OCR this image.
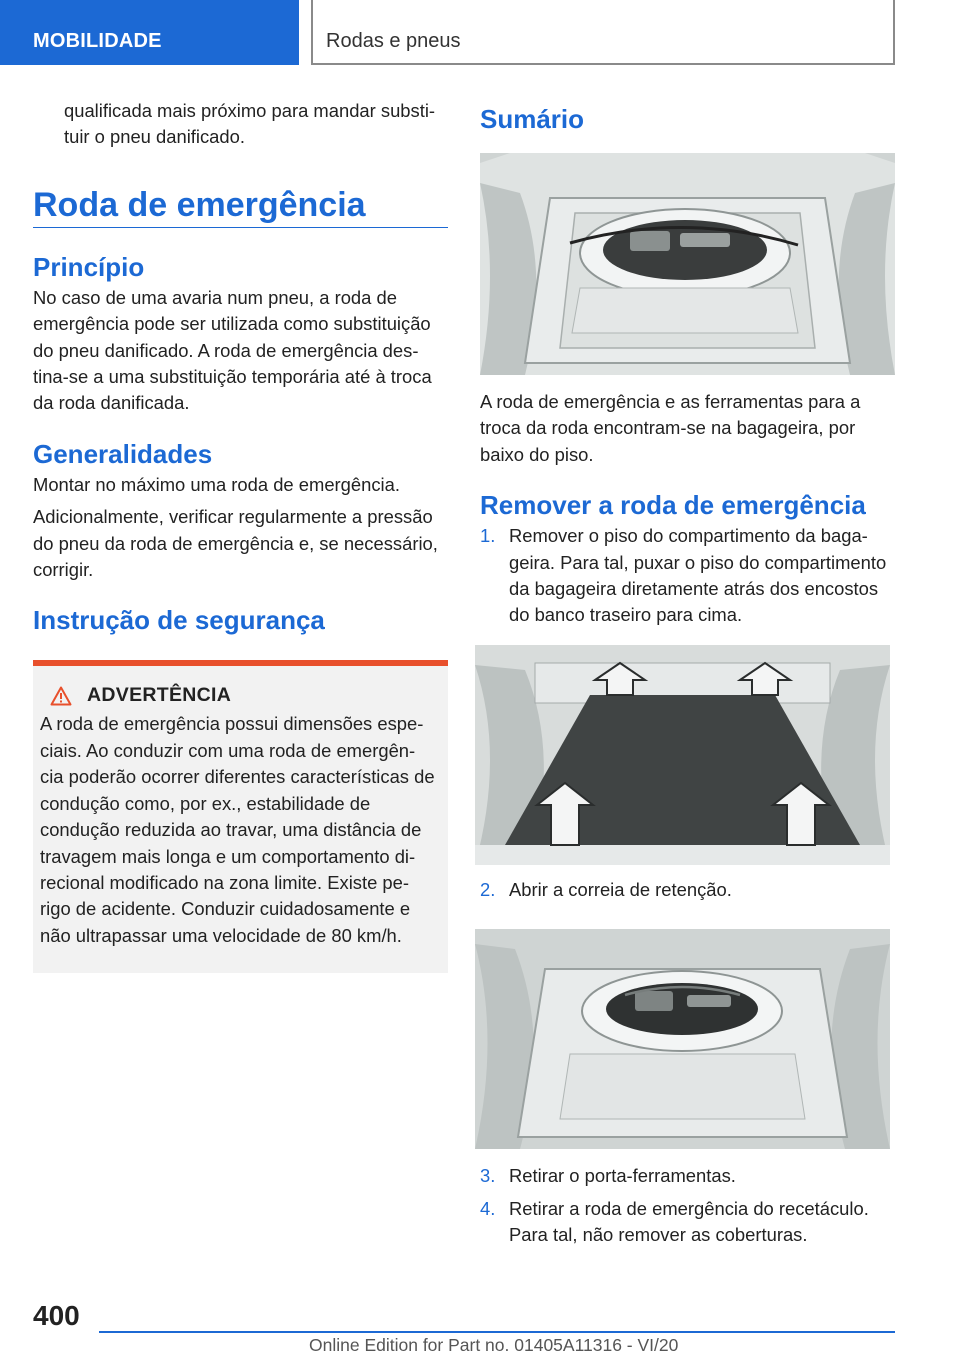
MOBILIDADE	Rodas e pneus

qualificada mais próximo para mandar substi-tuir o pneu danificado.

Roda de emergência
Princípio

No caso de uma avaria num pneu, a roda de emergência pode ser utilizada como substituição do pneu danificado. A roda de emergência des-tina-se a uma substituição temporária até à troca da roda danificada.

Generalidades

Montar no máximo uma roda de emergência.

Adicionalmente, verificar regularmente a pressão do pneu da roda de emergência e, se necessário, corrigir.

Instrução de segurança
ADVERTÊNCIA

A roda de emergência possui dimensões espe-ciais. Ao conduzir com uma roda de emergên-cia poderão ocorrer diferentes características de condução como, por ex., estabilidade de condução reduzida ao travar, uma distância de travagem mais longa e um comportamento di-recional modificado na zona limite. Existe pe-rigo de acidente. Conduzir cuidadosamente e não ultrapassar uma velocidade de 80 km/h.

Sumário

A roda de emergência e as ferramentas para a troca da roda encontram-se na bagageira, por baixo do piso.

Remover a roda de emergência
1. Remover o piso do compartimento da baga-geira. Para tal, puxar o piso do compartimento da bagageira diretamente atrás dos encostos do banco traseiro para cima.
2. Abrir a correia de retenção.
3. Retirar o porta-ferramentas.
4. Retirar a roda de emergência do recetáculo. Para tal, não remover as coberturas.
400
Online Edition for Part no. 01405A11316 - VI/20
